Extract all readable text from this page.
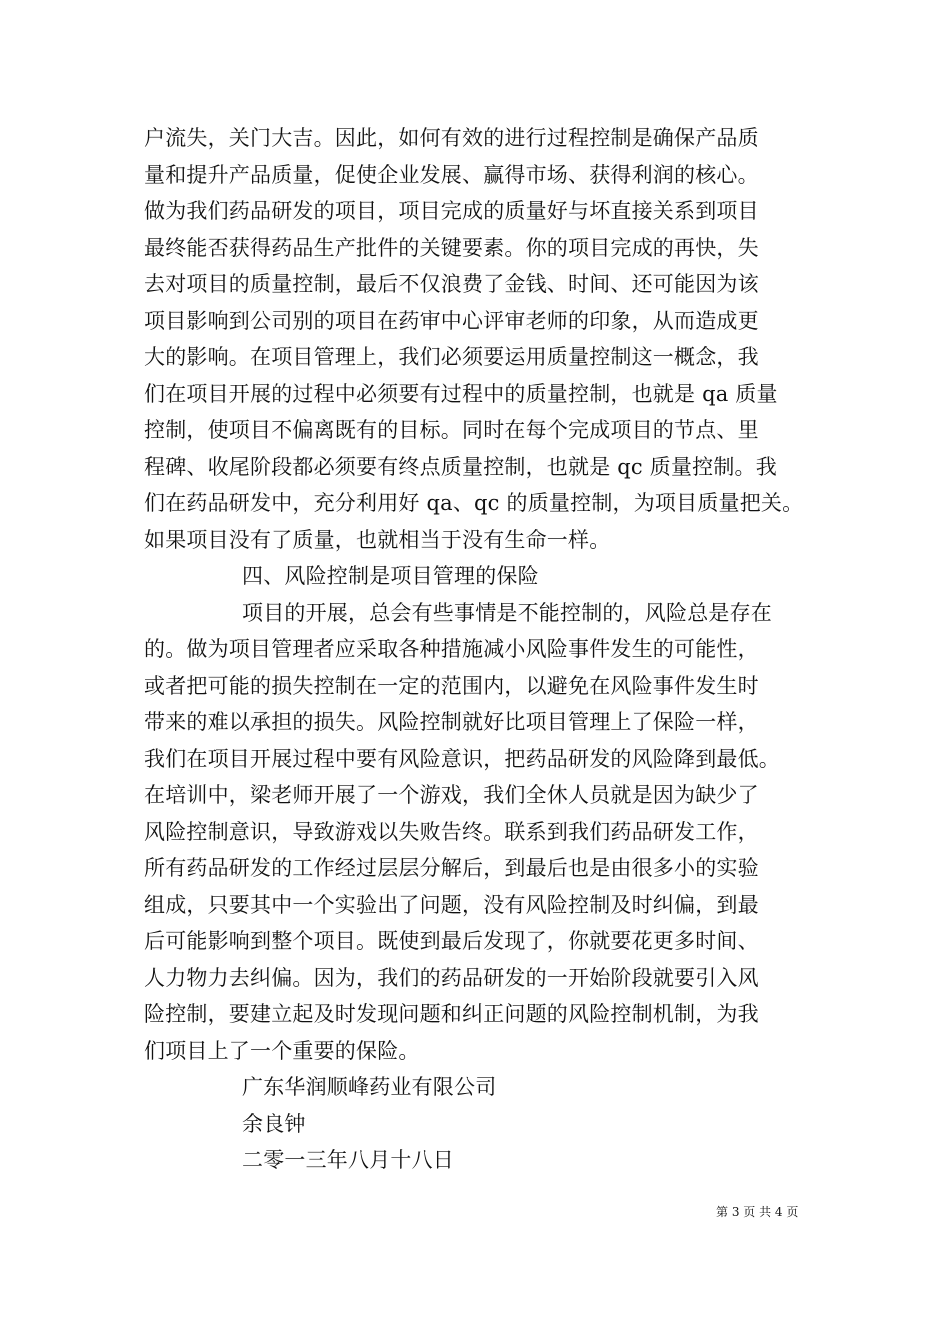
户流失，关门大吉。因此，如何有效的进行过程控制是确保产品质
量和提升产品质量，促使企业发展、赢得市场、获得利润的核心。
做为我们药品研发的项目，项目完成的质量好与坏直接关系到项目
最终能否获得药品生产批件的关键要素。你的项目完成的再快，失
去对项目的质量控制，最后不仅浪费了金钱、时间、还可能因为该
项目影响到公司别的项目在药审中心评审老师的印象，从而造成更
大的影响。在项目管理上，我们必须要运用质量控制这一概念，我
们在项目开展的过程中必须要有过程中的质量控制，也就是 qa 质量
控制，使项目不偏离既有的目标。同时在每个完成项目的节点、里
程碑、收尾阶段都必须要有终点质量控制，也就是 qc 质量控制。我
们在药品研发中，充分利用好 qa、qc 的质量控制，为项目质量把关。
如果项目没有了质量，也就相当于没有生命一样。
四、风险控制是项目管理的保险
项目的开展，总会有些事情是不能控制的，风险总是存在
的。做为项目管理者应采取各种措施减小风险事件发生的可能性，
或者把可能的损失控制在一定的范围内，以避免在风险事件发生时
带来的难以承担的损失。风险控制就好比项目管理上了保险一样，
我们在项目开展过程中要有风险意识，把药品研发的风险降到最低。
在培训中，梁老师开展了一个游戏，我们全休人员就是因为缺少了
风险控制意识，导致游戏以失败告终。联系到我们药品研发工作，
所有药品研发的工作经过层层分解后，到最后也是由很多小的实验
组成，只要其中一个实验出了问题，没有风险控制及时纠偏，到最
后可能影响到整个项目。既使到最后发现了，你就要花更多时间、
人力物力去纠偏。因为，我们的药品研发的一开始阶段就要引入风
险控制，要建立起及时发现问题和纠正问题的风险控制机制，为我
们项目上了一个重要的保险。
广东华润顺峰药业有限公司
余良钟
二零一三年八月十八日
第 3 页 共 4 页
